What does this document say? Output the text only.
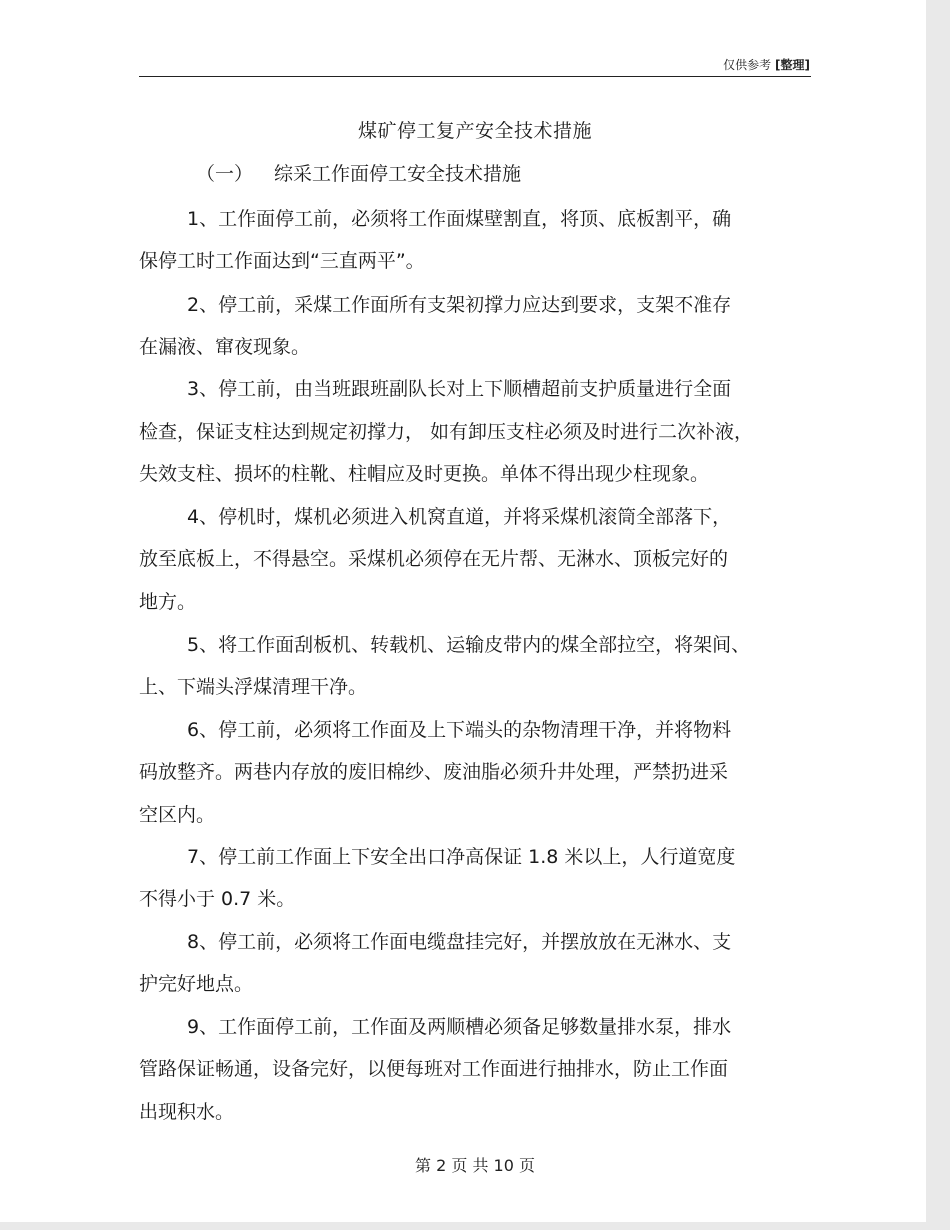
仅供参考 [整理]
煤矿停工复产安全技术措施
（一） 综采工作面停工安全技术措施
1、工作面停工前，必须将工作面煤壁割直，将顶、底板割平，确
保停工时工作面达到“三直两平”。
2、停工前，采煤工作面所有支架初撑力应达到要求，支架不准存
在漏液、窜夜现象。
3、停工前，由当班跟班副队长对上下顺槽超前支护质量进行全面
检查，保证支柱达到规定初撑力， 如有卸压支柱必须及时进行二次补液，
失效支柱、损坏的柱靴、柱帽应及时更换。单体不得出现少柱现象。
4、停机时，煤机必须进入机窝直道，并将采煤机滚筒全部落下，
放至底板上，不得悬空。采煤机必须停在无片帮、无淋水、顶板完好的
地方。
5、将工作面刮板机、转载机、运输皮带内的煤全部拉空，将架间、
上、下端头浮煤清理干净。
6、停工前，必须将工作面及上下端头的杂物清理干净，并将物料
码放整齐。两巷内存放的废旧棉纱、废油脂必须升井处理，严禁扔进采
空区内。
7、停工前工作面上下安全出口净高保证 1.8 米以上，人行道宽度
不得小于 0.7 米。
8、停工前，必须将工作面电缆盘挂完好，并摆放放在无淋水、支
护完好地点。
9、工作面停工前，工作面及两顺槽必须备足够数量排水泵，排水
管路保证畅通，设备完好，以便每班对工作面进行抽排水，防止工作面
出现积水。
第 2 页 共 10 页
